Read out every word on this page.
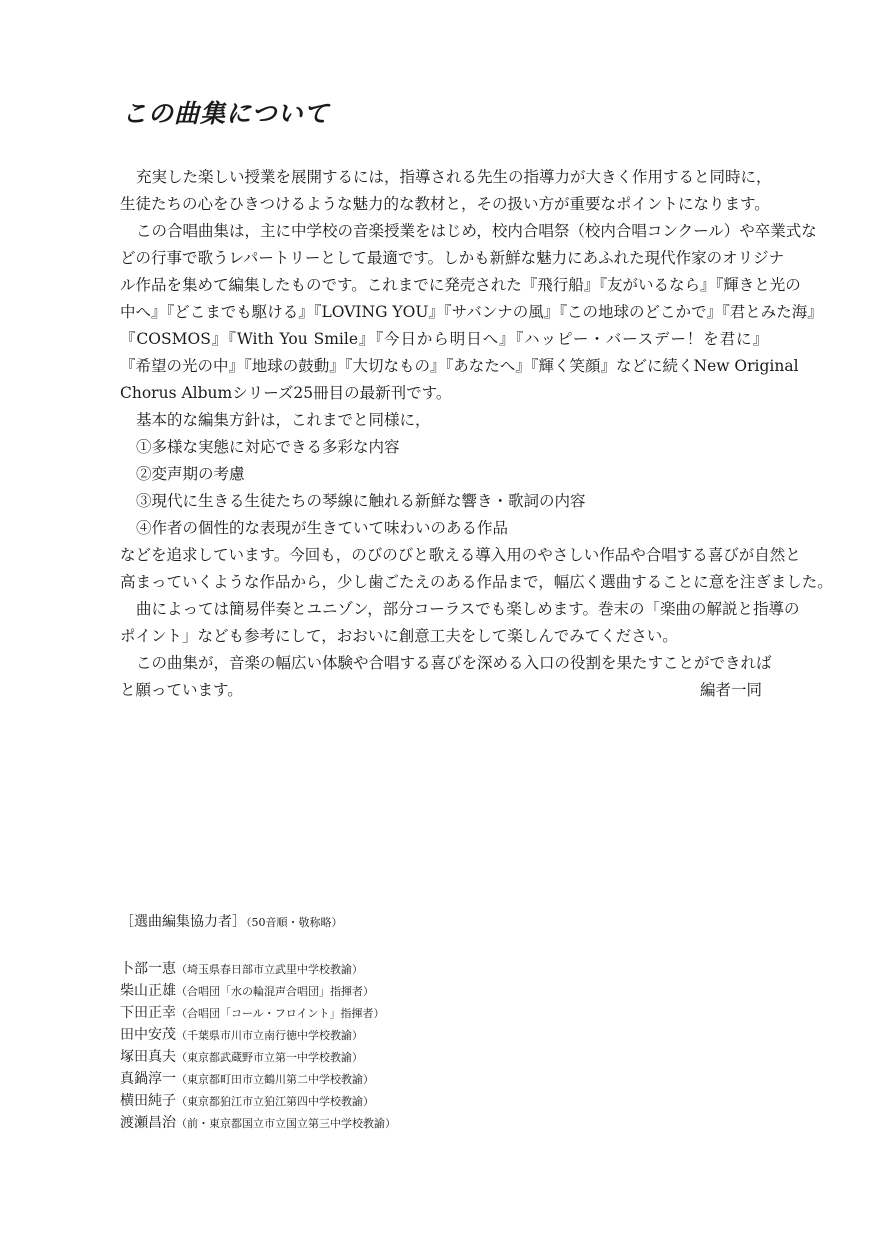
この曲集について
充実した楽しい授業を展開するには，指導される先生の指導力が大きく作用すると同時に，
生徒たちの心をひきつけるような魅力的な教材と，その扱い方が重要なポイントになります。
この合唱曲集は，主に中学校の音楽授業をはじめ，校内合唱祭（校内合唱コンクール）や卒業式な
どの行事で歌うレパートリーとして最適です。しかも新鮮な魅力にあふれた現代作家のオリジナ
ル作品を集めて編集したものです。これまでに発売された『飛行船』『友がいるなら』『輝きと光の
中へ』『どこまでも駆ける』『LOVING YOU』『サバンナの風』『この地球のどこかで』『君とみた海』
『COSMOS』『With You Smile』『今日から明日へ』『ハッピー・バースデー！を君に』
『希望の光の中』『地球の鼓動』『大切なもの』『あなたへ』『輝く笑顔』などに続くNew Original
Chorus Albumシリーズ25冊目の最新刊です。
基本的な編集方針は，これまでと同様に，
①多様な実態に対応できる多彩な内容
②変声期の考慮
③現代に生きる生徒たちの琴線に触れる新鮮な響き・歌詞の内容
④作者の個性的な表現が生きていて味わいのある作品
などを追求しています。今回も，のびのびと歌える導入用のやさしい作品や合唱する喜びが自然と
高まっていくような作品から，少し歯ごたえのある作品まで，幅広く選曲することに意を注ぎました。
曲によっては簡易伴奏とユニゾン，部分コーラスでも楽しめます。巻末の「楽曲の解説と指導の
ポイント」なども参考にして，おおいに創意工夫をして楽しんでみてください。
この曲集が，音楽の幅広い体験や合唱する喜びを深める入口の役割を果たすことができれば
と願っています。	編者一同
［選曲編集協力者］（50音順・敬称略）
卜部一恵（埼玉県春日部市立武里中学校教諭）
柴山正雄（合唱団「水の輪混声合唱団」指揮者）
下田正幸（合唱団「コール・フロイント」指揮者）
田中安茂（千葉県市川市立南行徳中学校教諭）
塚田真夫（東京都武蔵野市立第一中学校教諭）
真鍋淳一（東京都町田市立鶴川第二中学校教諭）
横田純子（東京都狛江市立狛江第四中学校教諭）
渡瀬昌治（前・東京都国立市立国立第三中学校教諭）
